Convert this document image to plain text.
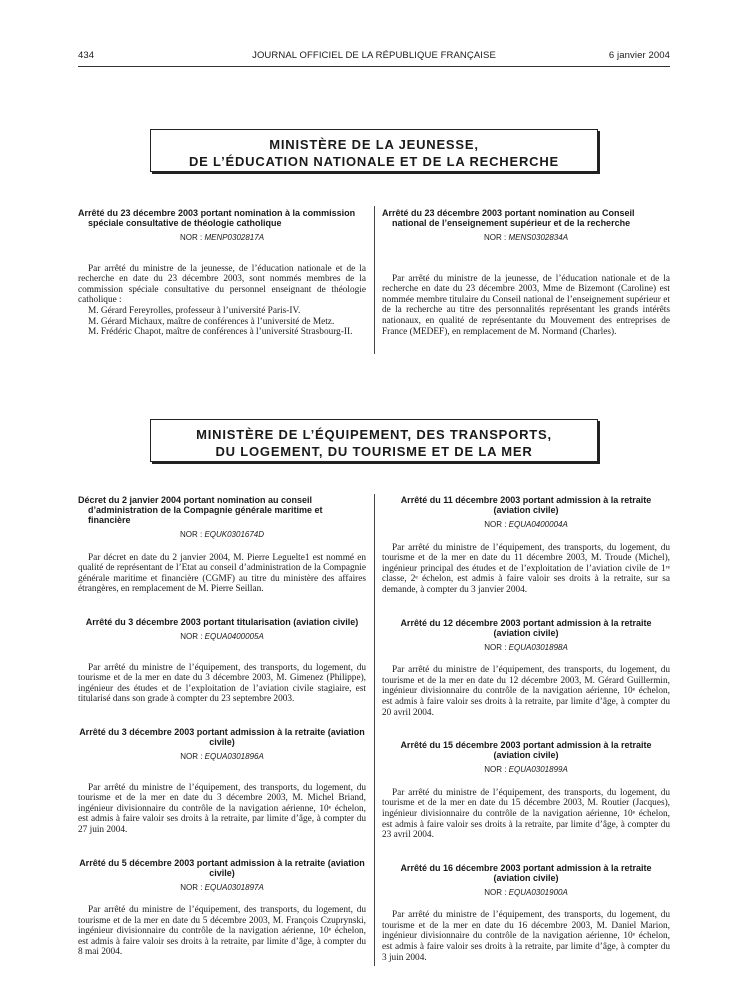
434	JOURNAL OFFICIEL DE LA RÉPUBLIQUE FRANÇAISE	6 janvier 2004
MINISTÈRE DE LA JEUNESSE,
DE L’ÉDUCATION NATIONALE ET DE LA RECHERCHE

Arrêté du 23 décembre 2003 portant nomination à la commission spéciale consultative de théologie catholique

NOR : MENP0302817A

Par arrêté du ministre de la jeunesse, de l’éducation nationale et de la recherche en date du 23 décembre 2003, sont nommés membres de la commission spéciale consultative du personnel enseignant de théologie catholique :

M. Gérard Fereyrolles, professeur à l’université Paris-IV.

M. Gérard Michaux, maître de conférences à l’université de Metz.

M. Frédéric Chapot, maître de conférences à l’université Strasbourg-II.

Arrêté du 23 décembre 2003 portant nomination au Conseil national de l’enseignement supérieur et de la recherche

NOR : MENS0302834A

Par arrêté du ministre de la jeunesse, de l’éducation nationale et de la recherche en date du 23 décembre 2003, Mme de Bizemont (Caroline) est nommée membre titulaire du Conseil national de l’enseignement supérieur et de la recherche au titre des personnalités représentant les grands intérêts nationaux, en qualité de représentante du Mouvement des entreprises de France (MEDEF), en remplacement de M. Normand (Charles).

MINISTÈRE DE L’ÉQUIPEMENT, DES TRANSPORTS,
DU LOGEMENT, DU TOURISME ET DE LA MER

Décret du 2 janvier 2004 portant nomination au conseil d’administration de la Compagnie générale maritime et financière

NOR : EQUK0301674D

Par décret en date du 2 janvier 2004, M. Pierre Leguelte1 est nommé en qualité de représentant de l’Etat au conseil d’administration de la Compagnie générale maritime et financière (CGMF) au titre du ministère des affaires étrangères, en remplacement de M. Pierre Seillan.

Arrêté du 3 décembre 2003 portant titularisation (aviation civile)

NOR : EQUA0400005A

Par arrêté du ministre de l’équipement, des transports, du logement, du tourisme et de la mer en date du 3 décembre 2003, M. Gimenez (Philippe), ingénieur des études et de l’exploitation de l’aviation civile stagiaire, est titularisé dans son grade à compter du 23 septembre 2003.

Arrêté du 3 décembre 2003 portant admission à la retraite (aviation civile)

NOR : EQUA0301896A

Par arrêté du ministre de l’équipement, des transports, du logement, du tourisme et de la mer en date du 3 décembre 2003, M. Michel Briand, ingénieur divisionnaire du contrôle de la navigation aérienne, 10ᵉ échelon, est admis à faire valoir ses droits à la retraite, par limite d’âge, à compter du 27 juin 2004.

Arrêté du 5 décembre 2003 portant admission à la retraite (aviation civile)

NOR : EQUA0301897A

Par arrêté du ministre de l’équipement, des transports, du logement, du tourisme et de la mer en date du 5 décembre 2003, M. François Czuprynski, ingénieur divisionnaire du contrôle de la navigation aérienne, 10ᵉ échelon, est admis à faire valoir ses droits à la retraite, par limite d’âge, à compter du 8 mai 2004.

Arrêté du 11 décembre 2003 portant admission à la retraite (aviation civile)

NOR : EQUA0400004A

Par arrêté du ministre de l’équipement, des transports, du logement, du tourisme et de la mer en date du 11 décembre 2003, M. Troude (Michel), ingénieur principal des études et de l’exploitation de l’aviation civile de 1ʳᵉ classe, 2ᵉ échelon, est admis à faire valoir ses droits à la retraite, sur sa demande, à compter du 3 janvier 2004.

Arrêté du 12 décembre 2003 portant admission à la retraite (aviation civile)

NOR : EQUA0301898A

Par arrêté du ministre de l’équipement, des transports, du logement, du tourisme et de la mer en date du 12 décembre 2003, M. Gérard Guillermin, ingénieur divisionnaire du contrôle de la navigation aérienne, 10ᵉ échelon, est admis à faire valoir ses droits à la retraite, par limite d’âge, à compter du 20 avril 2004.

Arrêté du 15 décembre 2003 portant admission à la retraite (aviation civile)

NOR : EQUA0301899A

Par arrêté du ministre de l’équipement, des transports, du logement, du tourisme et de la mer en date du 15 décembre 2003, M. Routier (Jacques), ingénieur divisionnaire du contrôle de la navigation aérienne, 10ᵉ échelon, est admis à faire valoir ses droits à la retraite, par limite d’âge, à compter du 23 avril 2004.

Arrêté du 16 décembre 2003 portant admission à la retraite (aviation civile)

NOR : EQUA0301900A

Par arrêté du ministre de l’équipement, des transports, du logement, du tourisme et de la mer en date du 16 décembre 2003, M. Daniel Marion, ingénieur divisionnaire du contrôle de la navigation aérienne, 10ᵉ échelon, est admis à faire valoir ses droits à la retraite, par limite d’âge, à compter du 3 juin 2004.
